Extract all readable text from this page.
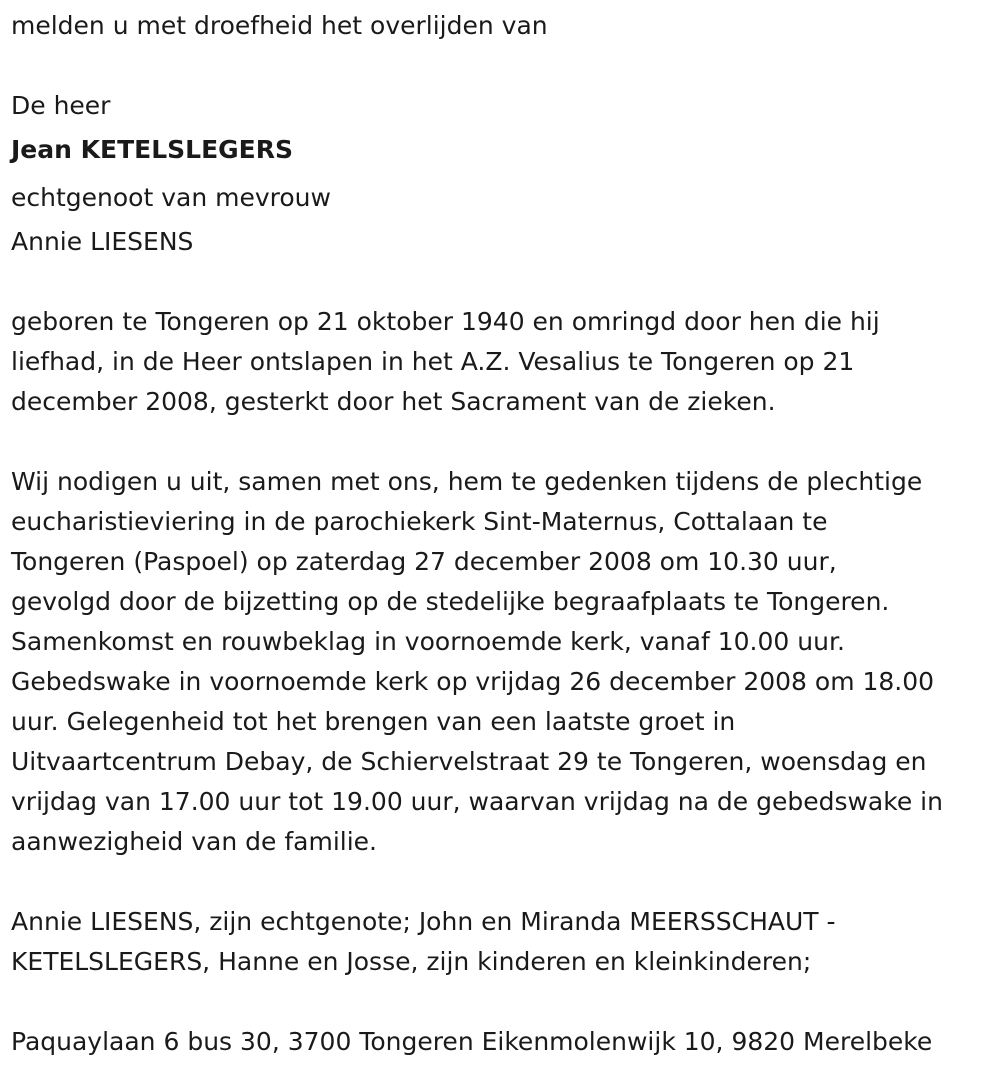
melden u met droefheid het overlijden van
De heer
Jean KETELSLEGERS
echtgenoot van mevrouw
Annie LIESENS
geboren te Tongeren op 21 oktober 1940 en omringd door hen die hij
liefhad, in de Heer ontslapen in het A.Z. Vesalius te Tongeren op 21
december 2008, gesterkt door het Sacrament van de zieken.
Wij nodigen u uit, samen met ons, hem te gedenken tijdens de plechtige
eucharistieviering in de parochiekerk Sint-Maternus, Cottalaan te
Tongeren (Paspoel) op zaterdag 27 december 2008 om 10.30 uur,
gevolgd door de bijzetting op de stedelijke begraafplaats te Tongeren.
Samenkomst en rouwbeklag in voornoemde kerk, vanaf 10.00 uur.
Gebedswake in voornoemde kerk op vrijdag 26 december 2008 om 18.00
uur. Gelegenheid tot het brengen van een laatste groet in
Uitvaartcentrum Debay, de Schiervelstraat 29 te Tongeren, woensdag en
vrijdag van 17.00 uur tot 19.00 uur, waarvan vrijdag na de gebedswake in
aanwezigheid van de familie.
Annie LIESENS, zijn echtgenote; John en Miranda MEERSSCHAUT -
KETELSLEGERS, Hanne en Josse, zijn kinderen en kleinkinderen;
Paquaylaan 6 bus 30, 3700 Tongeren Eikenmolenwijk 10, 9820 Merelbeke
